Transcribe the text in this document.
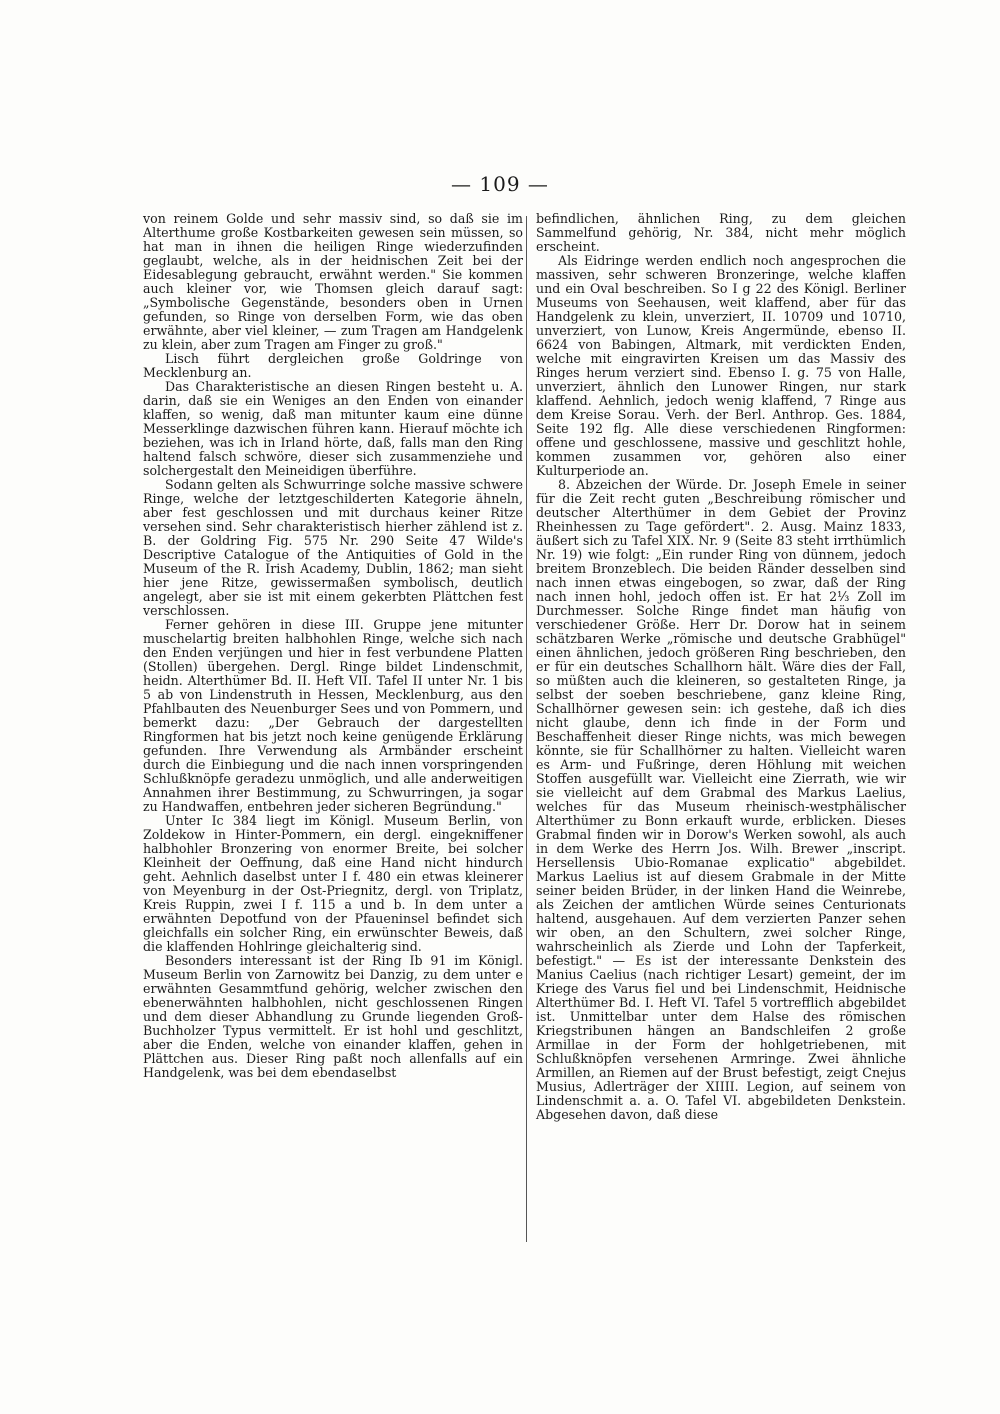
— 109 —

von reinem Golde und sehr massiv sind, so daß sie im Alterthume große Kostbarkeiten gewesen sein müssen, so hat man in ihnen die heiligen Ringe wiederzufinden geglaubt, welche, als in der heidnischen Zeit bei der Eidesablegung gebraucht, erwähnt werden." Sie kommen auch kleiner vor, wie Thomsen gleich darauf sagt: „Symbolische Gegenstände, besonders oben in Urnen gefunden, so Ringe von derselben Form, wie das oben erwähnte, aber viel kleiner, — zum Tragen am Handgelenk zu klein, aber zum Tragen am Finger zu groß."

Lisch führt dergleichen große Goldringe von Mecklenburg an.

Das Charakteristische an diesen Ringen besteht u. A. darin, daß sie ein Weniges an den Enden von einander klaffen, so wenig, daß man mitunter kaum eine dünne Messerklinge dazwischen führen kann. Hierauf möchte ich beziehen, was ich in Irland hörte, daß, falls man den Ring haltend falsch schwöre, dieser sich zusammenziehe und solchergestalt den Meineidigen überführe.

Sodann gelten als Schwurringe solche massive schwere Ringe, welche der letztgeschilderten Kategorie ähneln, aber fest geschlossen und mit durchaus keiner Ritze versehen sind. Sehr charakteristisch hierher zählend ist z. B. der Goldring Fig. 575 Nr. 290 Seite 47 Wilde's Descriptive Catalogue of the Antiquities of Gold in the Museum of the R. Irish Academy, Dublin, 1862; man sieht hier jene Ritze, gewissermaßen symbolisch, deutlich angelegt, aber sie ist mit einem gekerbten Plättchen fest verschlossen.

Ferner gehören in diese III. Gruppe jene mitunter muschelartig breiten halbhohlen Ringe, welche sich nach den Enden verjüngen und hier in fest verbundene Platten (Stollen) übergehen. Dergl. Ringe bildet Lindenschmit, heidn. Alterthümer Bd. II. Heft VII. Tafel II unter Nr. 1 bis 5 ab von Lindenstruth in Hessen, Mecklenburg, aus den Pfahlbauten des Neuenburger Sees und von Pommern, und bemerkt dazu: „Der Gebrauch der dargestellten Ringformen hat bis jetzt noch keine genügende Erklärung gefunden. Ihre Verwendung als Armbänder erscheint durch die Einbiegung und die nach innen vorspringenden Schlußknöpfe geradezu unmöglich, und alle anderweitigen Annahmen ihrer Bestimmung, zu Schwurringen, ja sogar zu Handwaffen, entbehren jeder sicheren Begründung."

Unter Ic 384 liegt im Königl. Museum Berlin, von Zoldekow in Hinter-Pommern, ein dergl. eingekniffener halbhohler Bronzering von enormer Breite, bei solcher Kleinheit der Oeffnung, daß eine Hand nicht hindurch geht. Aehnlich daselbst unter I f. 480 ein etwas kleinerer von Meyenburg in der Ost-Priegnitz, dergl. von Triplatz, Kreis Ruppin, zwei I f. 115 a und b. In dem unter a erwähnten Depotfund von der Pfaueninsel befindet sich gleichfalls ein solcher Ring, ein erwünschter Beweis, daß die klaffenden Hohlringe gleichalterig sind.

Besonders interessant ist der Ring Ib 91 im Königl. Museum Berlin von Zarnowitz bei Danzig, zu dem unter e erwähnten Gesammtfund gehörig, welcher zwischen den ebenerwähnten halbhohlen, nicht geschlossenen Ringen und dem dieser Abhandlung zu Grunde liegenden Groß-Buchholzer Typus vermittelt. Er ist hohl und geschlitzt, aber die Enden, welche von einander klaffen, gehen in Plättchen aus. Dieser Ring paßt noch allenfalls auf ein Handgelenk, was bei dem ebendaselbst

befindlichen, ähnlichen Ring, zu dem gleichen Sammelfund gehörig, Nr. 384, nicht mehr möglich erscheint.

Als Eidringe werden endlich noch angesprochen die massiven, sehr schweren Bronzeringe, welche klaffen und ein Oval beschreiben. So I g 22 des Königl. Berliner Museums von Seehausen, weit klaffend, aber für das Handgelenk zu klein, unverziert, II. 10709 und 10710, unverziert, von Lunow, Kreis Angermünde, ebenso II. 6624 von Babingen, Altmark, mit verdickten Enden, welche mit eingravirten Kreisen um das Massiv des Ringes herum verziert sind. Ebenso I. g. 75 von Halle, unverziert, ähnlich den Lunower Ringen, nur stark klaffend. Aehnlich, jedoch wenig klaffend, 7 Ringe aus dem Kreise Sorau. Verh. der Berl. Anthrop. Ges. 1884, Seite 192 flg. Alle diese verschiedenen Ringformen: offene und geschlossene, massive und geschlitzt hohle, kommen zusammen vor, gehören also einer Kulturperiode an.

8. Abzeichen der Würde. Dr. Joseph Emele in seiner für die Zeit recht guten „Beschreibung römischer und deutscher Alterthümer in dem Gebiet der Provinz Rheinhessen zu Tage gefördert". 2. Ausg. Mainz 1833, äußert sich zu Tafel XIX. Nr. 9 (Seite 83 steht irrthümlich Nr. 19) wie folgt: „Ein runder Ring von dünnem, jedoch breitem Bronzeblech. Die beiden Ränder desselben sind nach innen etwas eingebogen, so zwar, daß der Ring nach innen hohl, jedoch offen ist. Er hat 2⅓ Zoll im Durchmesser. Solche Ringe findet man häufig von verschiedener Größe. Herr Dr. Dorow hat in seinem schätzbaren Werke „römische und deutsche Grabhügel" einen ähnlichen, jedoch größeren Ring beschrieben, den er für ein deutsches Schallhorn hält. Wäre dies der Fall, so müßten auch die kleineren, so gestalteten Ringe, ja selbst der soeben beschriebene, ganz kleine Ring, Schallhörner gewesen sein: ich gestehe, daß ich dies nicht glaube, denn ich finde in der Form und Beschaffenheit dieser Ringe nichts, was mich bewegen könnte, sie für Schallhörner zu halten. Vielleicht waren es Arm- und Fußringe, deren Höhlung mit weichen Stoffen ausgefüllt war. Vielleicht eine Zierrath, wie wir sie vielleicht auf dem Grabmal des Markus Laelius, welches für das Museum rheinisch-westphälischer Alterthümer zu Bonn erkauft wurde, erblicken. Dieses Grabmal finden wir in Dorow's Werken sowohl, als auch in dem Werke des Herrn Jos. Wilh. Brewer „inscript. Hersellensis Ubio-Romanae explicatio" abgebildet. Markus Laelius ist auf diesem Grabmale in der Mitte seiner beiden Brüder, in der linken Hand die Weinrebe, als Zeichen der amtlichen Würde seines Centurionats haltend, ausgehauen. Auf dem verzierten Panzer sehen wir oben, an den Schultern, zwei solcher Ringe, wahrscheinlich als Zierde und Lohn der Tapferkeit, befestigt." — Es ist der interessante Denkstein des Manius Caelius (nach richtiger Lesart) gemeint, der im Kriege des Varus fiel und bei Lindenschmit, Heidnische Alterthümer Bd. I. Heft VI. Tafel 5 vortrefflich abgebildet ist. Unmittelbar unter dem Halse des römischen Kriegstribunen hängen an Bandschleifen 2 große Armillae in der Form der hohlgetriebenen, mit Schlußknöpfen versehenen Armringe. Zwei ähnliche Armillen, an Riemen auf der Brust befestigt, zeigt Cnejus Musius, Adlerträger der XIIII. Legion, auf seinem von Lindenschmit a. a. O. Tafel VI. abgebildeten Denkstein. Abgesehen davon, daß diese
